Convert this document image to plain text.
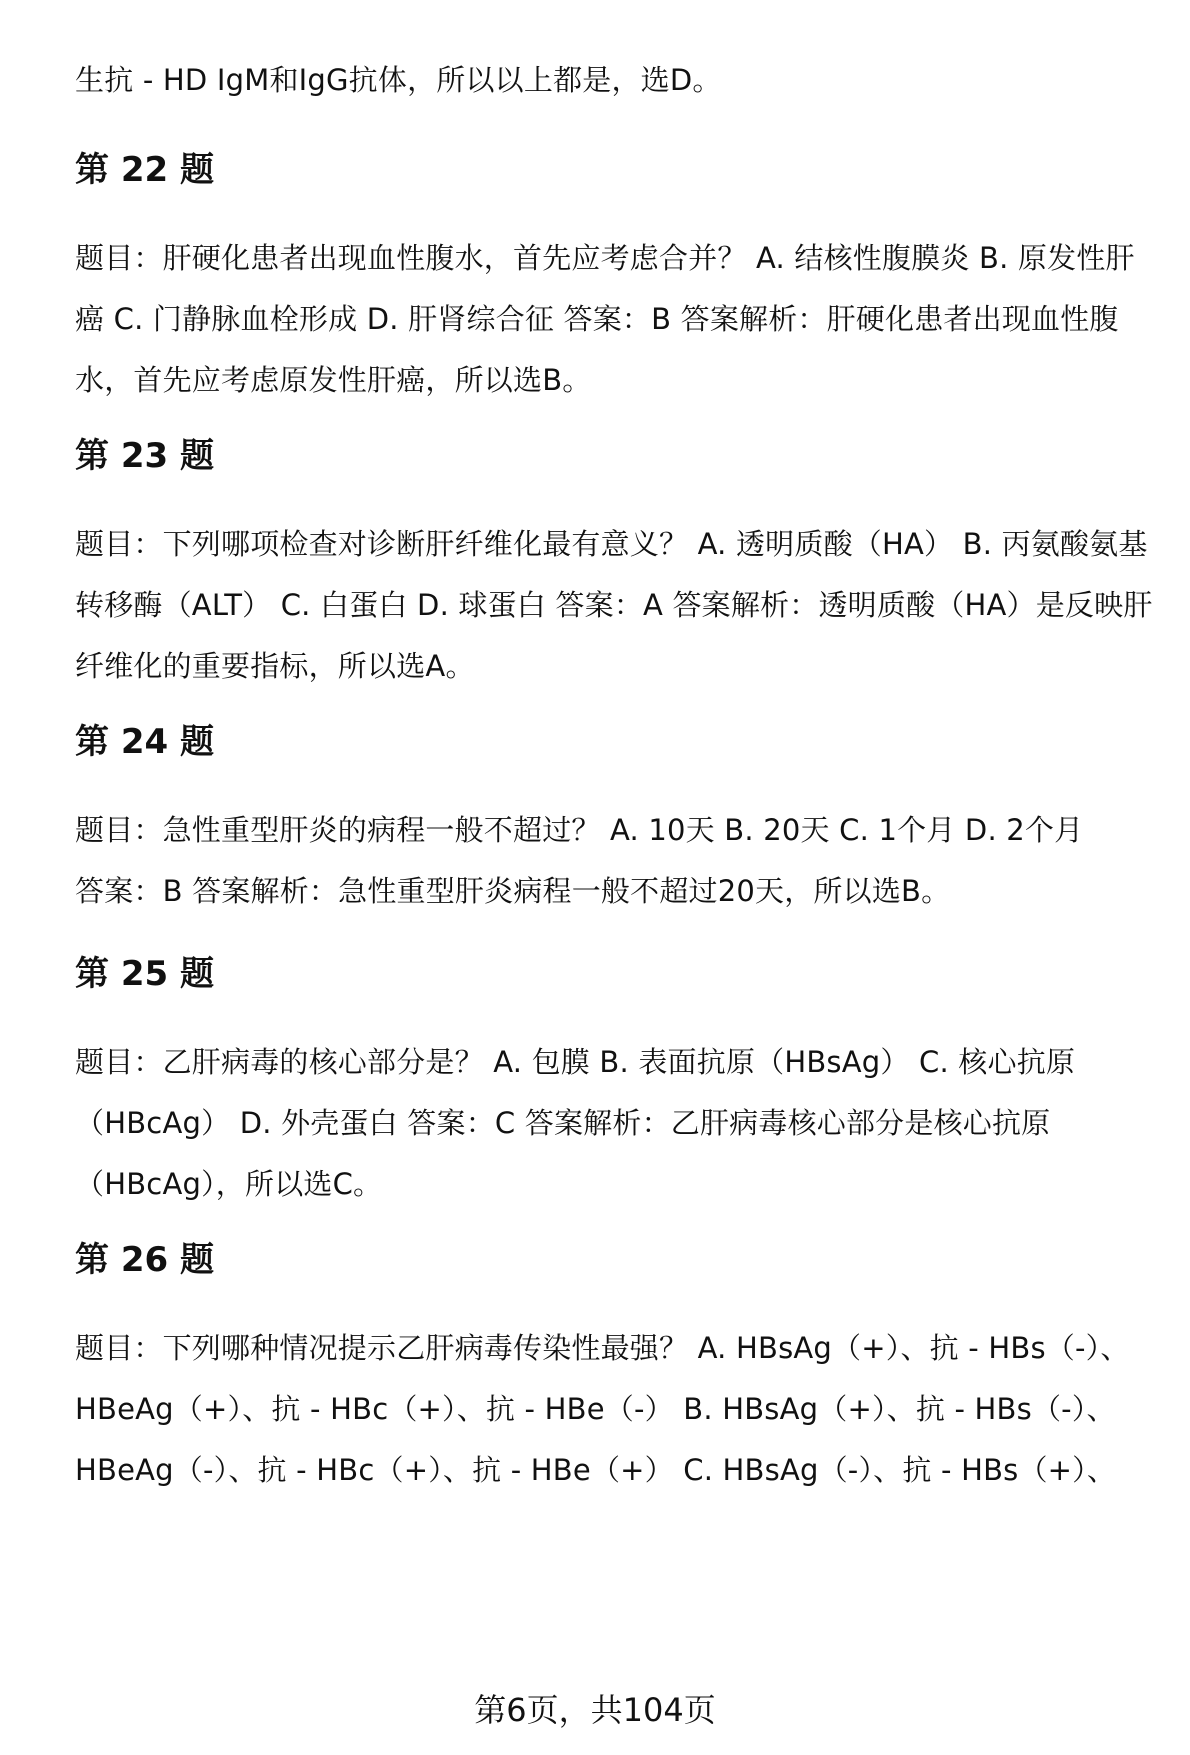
生抗 - HD IgM和IgG抗体，所以以上都是，选D。

第 22 题

题目：肝硬化患者出现血性腹水，首先应考虑合并？ A. 结核性腹膜炎 B. 原发性肝癌 C. 门静脉血栓形成 D. 肝肾综合征 答案：B 答案解析：肝硬化患者出现血性腹水，首先应考虑原发性肝癌，所以选B。

第 23 题

题目：下列哪项检查对诊断肝纤维化最有意义？ A. 透明质酸（HA） B. 丙氨酸氨基转移酶（ALT） C. 白蛋白 D. 球蛋白 答案：A 答案解析：透明质酸（HA）是反映肝纤维化的重要指标，所以选A。

第 24 题

题目：急性重型肝炎的病程一般不超过？ A. 10天 B. 20天 C. 1个月 D. 2个月 答案：B 答案解析：急性重型肝炎病程一般不超过20天，所以选B。

第 25 题

题目：乙肝病毒的核心部分是？ A. 包膜 B. 表面抗原（HBsAg） C. 核心抗原（HBcAg） D. 外壳蛋白 答案：C 答案解析：乙肝病毒核心部分是核心抗原（HBcAg），所以选C。

第 26 题

题目：下列哪种情况提示乙肝病毒传染性最强？ A. HBsAg（+）、抗 - HBs（-）、HBeAg（+）、抗 - HBc（+）、抗 - HBe（-） B. HBsAg（+）、抗 - HBs（-）、HBeAg（-）、抗 - HBc（+）、抗 - HBe（+） C. HBsAg（-）、抗 - HBs（+）、

第6页，共104页
